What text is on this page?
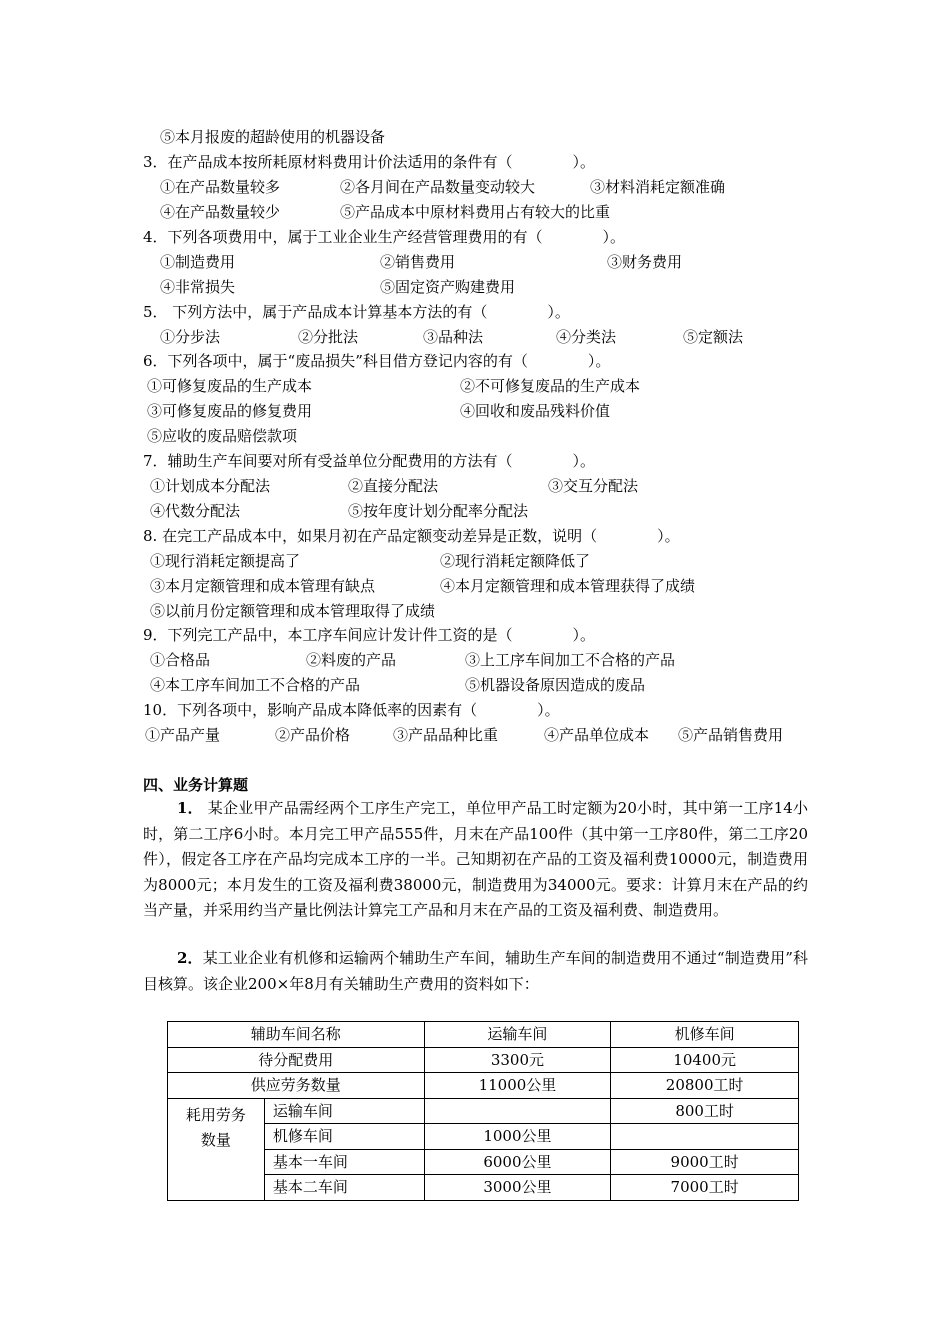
⑤本月报废的超龄使用的机器设备
3．在产品成本按所耗原材料费用计价法适用的条件有（　　　　）。
①在产品数量较多	②各月间在产品数量变动较大	③材料消耗定额准确
④在产品数量较少	⑤产品成本中原材料费用占有较大的比重
4．下列各项费用中，属于工业企业生产经营管理费用的有（　　　　）。
①制造费用	②销售费用	③财务费用
④非常损失	⑤固定资产购建费用
5． 下列方法中，属于产品成本计算基本方法的有（　　　　）。
①分步法	②分批法	③品种法	④分类法	⑤定额法
6．下列各项中，属于“废品损失”科目借方登记内容的有（　　　　）。
①可修复废品的生产成本	②不可修复废品的生产成本
③可修复废品的修复费用	④回收和废品残料价值
⑤应收的废品赔偿款项
7．辅助生产车间要对所有受益单位分配费用的方法有（　　　　）。
①计划成本分配法	②直接分配法	③交互分配法
④代数分配法	⑤按年度计划分配率分配法
8. 在完工产品成本中，如果月初在产品定额变动差异是正数，说明（　　　　）。
①现行消耗定额提高了	②现行消耗定额降低了
③本月定额管理和成本管理有缺点	④本月定额管理和成本管理获得了成绩
⑤以前月份定额管理和成本管理取得了成绩
9．下列完工产品中，本工序车间应计发计件工资的是（　　　　）。
①合格品	②料废的产品	③上工序车间加工不合格的产品
④本工序车间加工不合格的产品	⑤机器设备原因造成的废品
10．下列各项中，影响产品成本降低率的因素有（　　　　）。
①产品产量	②产品价格	③产品品种比重	④产品单位成本 ⑤产品销售费用
四、业务计算题
1． 某企业甲产品需经两个工序生产完工，单位甲产品工时定额为20小时，其中第一工序14小时，第二工序6小时。本月完工甲产品555件，月末在产品100件（其中第一工序80件，第二工序20件），假定各工序在产品均完成本工序的一半。己知期初在产品的工资及福利费10000元，制造费用为8000元；本月发生的工资及福利费38000元，制造费用为34000元。要求：计算月末在产品的约当产量，并采用约当产量比例法计算完工产品和月末在产品的工资及福利费、制造费用。
2．某工业企业有机修和运输两个辅助生产车间，辅助生产车间的制造费用不通过“制造费用”科目核算。该企业200×年8月有关辅助生产费用的资料如下：
辅助车间名称		运输车间	机修车间
待分配费用		3300元	10400元
供应劳务数量		11000公里	20800工时
耗用劳务数量	运输车间		800工时
	机修车间	1000公里	
	基本一车间	6000公里	9000工时
	基本二车间	3000公里	7000工时
